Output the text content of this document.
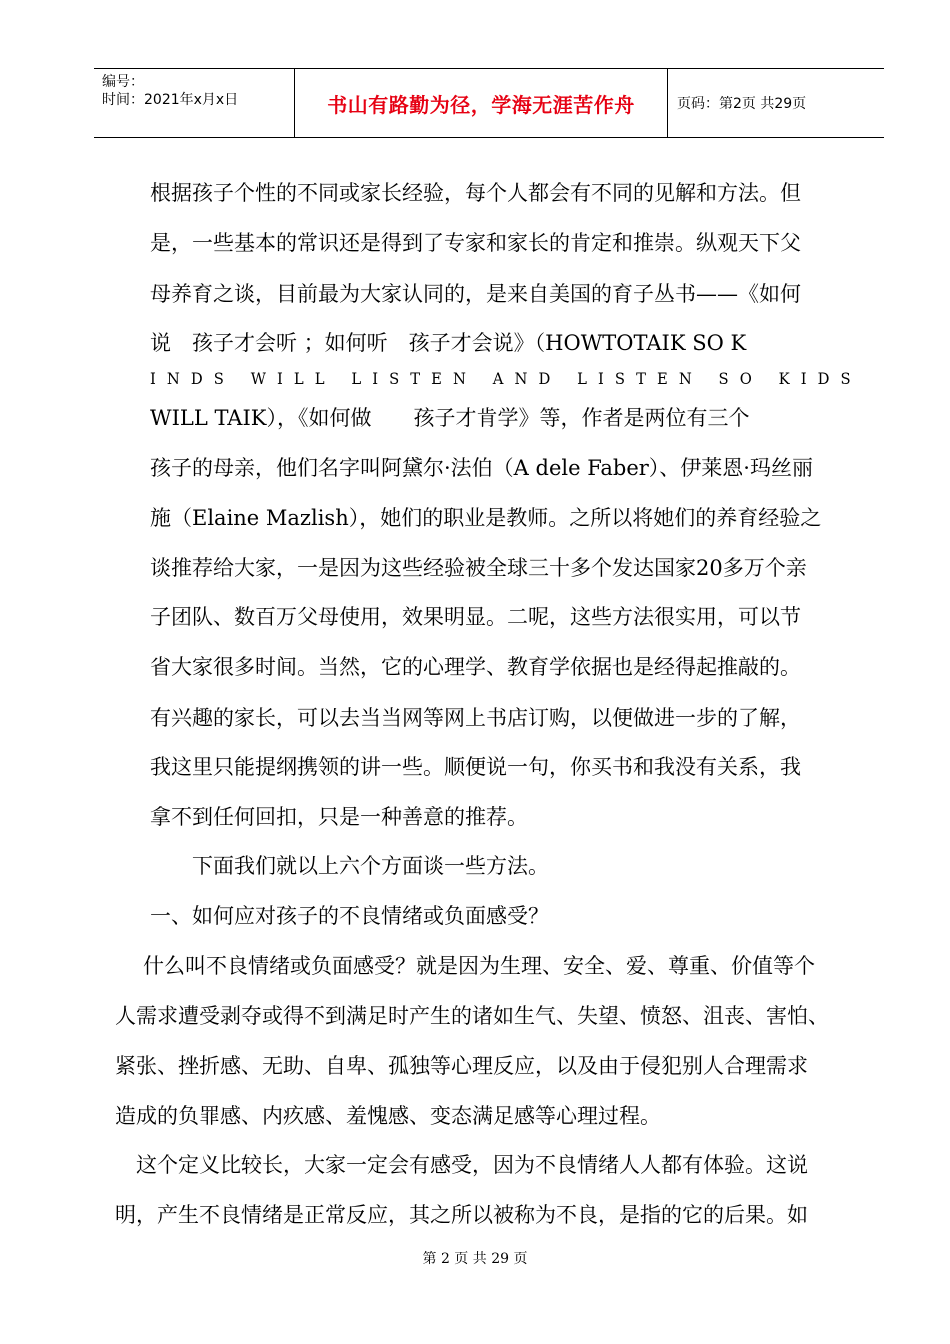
编号：
时间：2021年x月x日	书山有路勤为径，学海无涯苦作舟	页码：第2页 共29页
根据孩子个性的不同或家长经验，每个人都会有不同的见解和方法。但
是，一些基本的常识还是得到了专家和家长的肯定和推崇。纵观天下父
母养育之谈，目前最为大家认同的，是来自美国的育子丛书——《如何
说　孩子才会听 ；如何听　孩子才会说》（HOWTOTAIK SO K
INDS WILL LISTEN AND LISTEN SO KIDS
WILL TAIK），《如何做　　孩子才肯学》等，作者是两位有三个
孩子的母亲，他们名字叫阿黛尔·法伯（A dele Faber）、伊莱恩·玛丝丽
施（Elaine Mazlish），她们的职业是教师。之所以将她们的养育经验之
谈推荐给大家，一是因为这些经验被全球三十多个发达国家20多万个亲
子团队、数百万父母使用，效果明显。二呢，这些方法很实用，可以节
省大家很多时间。当然，它的心理学、教育学依据也是经得起推敲的。
有兴趣的家长，可以去当当网等网上书店订购，以便做进一步的了解，
我这里只能提纲携领的讲一些。顺便说一句，你买书和我没有关系，我
拿不到任何回扣，只是一种善意的推荐。
下面我们就以上六个方面谈一些方法。
一、如何应对孩子的不良情绪或负面感受？
什么叫不良情绪或负面感受？就是因为生理、安全、爱、尊重、价值等个
人需求遭受剥夺或得不到满足时产生的诸如生气、失望、愤怒、沮丧、害怕、
紧张、挫折感、无助、自卑、孤独等心理反应，以及由于侵犯别人合理需求
造成的负罪感、内疚感、羞愧感、变态满足感等心理过程。
这个定义比较长，大家一定会有感受，因为不良情绪人人都有体验。这说
明，产生不良情绪是正常反应，其之所以被称为不良，是指的它的后果。如
第 2 页 共 29 页
